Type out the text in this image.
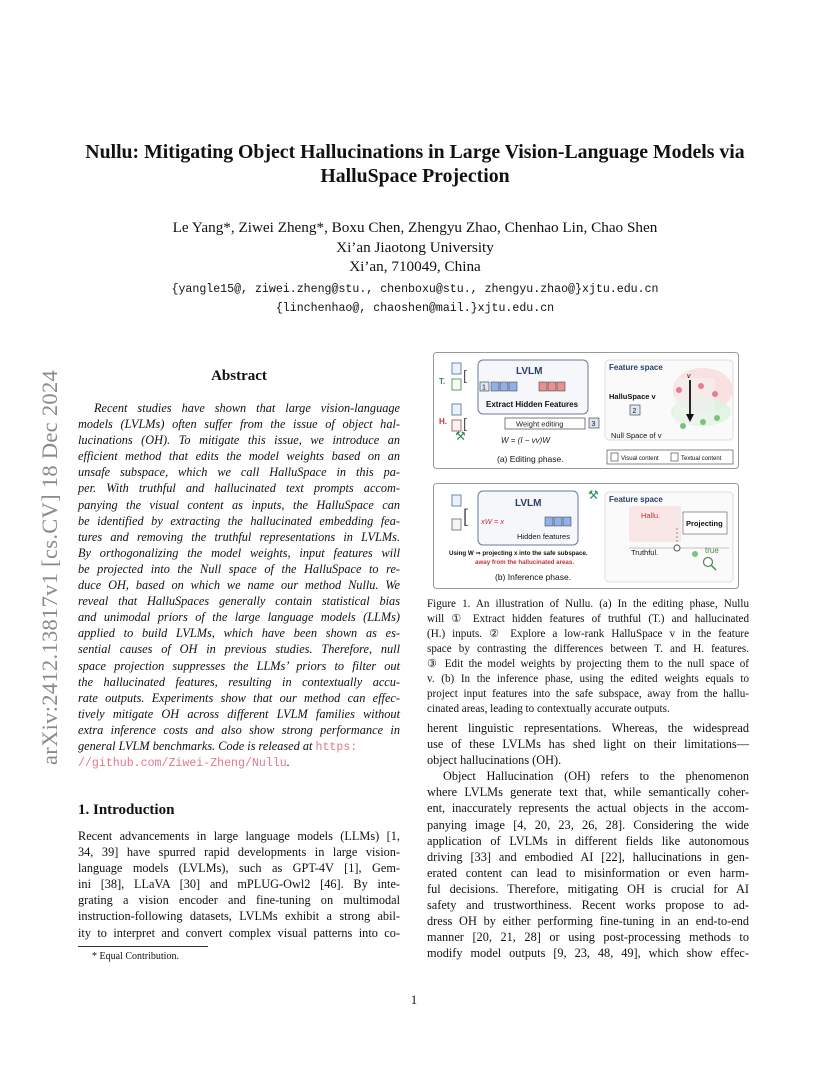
arXiv:2412.13817v1 [cs.CV] 18 Dec 2024
Nullu: Mitigating Object Hallucinations in Large Vision-Language Models via
HalluSpace Projection
Le Yang*, Ziwei Zheng*, Boxu Chen, Zhengyu Zhao, Chenhao Lin, Chao Shen
Xi’an Jiaotong University
Xi’an, 710049, China
{yangle15@, ziwei.zheng@stu., chenboxu@stu., zhengyu.zhao@}xjtu.edu.cn
{linchenhao@, chaoshen@mail.}xjtu.edu.cn
Abstract
Recent studies have shown that large vision-language
models (LVLMs) often suffer from the issue of object hal-
lucinations (OH). To mitigate this issue, we introduce an
efficient method that edits the model weights based on an
unsafe subspace, which we call HalluSpace in this pa-
per. With truthful and hallucinated text prompts accom-
panying the visual content as inputs, the HalluSpace can
be identified by extracting the hallucinated embedding fea-
tures and removing the truthful representations in LVLMs.
By orthogonalizing the model weights, input features will
be projected into the Null space of the HalluSpace to re-
duce OH, based on which we name our method Nullu. We
reveal that HalluSpaces generally contain statistical bias
and unimodal priors of the large language models (LLMs)
applied to build LVLMs, which have been shown as es-
sential causes of OH in previous studies. Therefore, null
space projection suppresses the LLMs’ priors to filter out
the hallucinated features, resulting in contextually accu-
rate outputs. Experiments show that our method can effec-
tively mitigate OH across different LVLM families without
extra inference costs and also show strong performance in
general LVLM benchmarks. Code is released at https:
//github.com/Ziwei-Zheng/Nullu.
1. Introduction
Recent advancements in large language models (LLMs) [1,
34, 39] have spurred rapid developments in large vision-
language models (LVLMs), such as GPT-4V [1], Gem-
ini [38], LLaVA [30] and mPLUG-Owl2 [46]. By inte-
grating a vision encoder and fine-tuning on multimodal
instruction-following datasets, LVLMs exhibit a strong abil-
ity to interpret and convert complex visual patterns into co-
* Equal Contribution.
T.
H.
[
[
LVLM
1
Extract Hidden Features
⚒
Weight editing	3
W = (I − vv)W
(a) Editing phase.
Feature space
HalluSpace v
2
v
Null Space of v
Visual content	Textual content
[
LVLM
xW = x
Hidden features
⚒
Using W ⇒ projecting x into the safe subspace.
away from the hallucinated areas.
(b) Inference phase.
Feature space
Hallu.
Projecting
Truthful.	true
Figure 1. An illustration of Nullu. (a) In the editing phase, Nullu
will ① Extract hidden features of truthful (T.) and hallucinated
(H.) inputs. ② Explore a low-rank HalluSpace v in the feature
space by contrasting the differences between T. and H. features.
③ Edit the model weights by projecting them to the null space of
v. (b) In the inference phase, using the edited weights equals to
project input features into the safe subspace, away from the hallu-
cinated areas, leading to contextually accurate outputs.
herent linguistic representations. Whereas, the widespread
use of these LVLMs has shed light on their limitations—
object hallucinations (OH).
Object Hallucination (OH) refers to the phenomenon
where LVLMs generate text that, while semantically coher-
ent, inaccurately represents the actual objects in the accom-
panying image [4, 20, 23, 26, 28]. Considering the wide
application of LVLMs in different fields like autonomous
driving [33] and embodied AI [22], hallucinations in gen-
erated content can lead to misinformation or even harm-
ful decisions. Therefore, mitigating OH is crucial for AI
safety and trustworthiness. Recent works propose to ad-
dress OH by either performing fine-tuning in an end-to-end
manner [20, 21, 28] or using post-processing methods to
modify model outputs [9, 23, 48, 49], which show effec-
1
